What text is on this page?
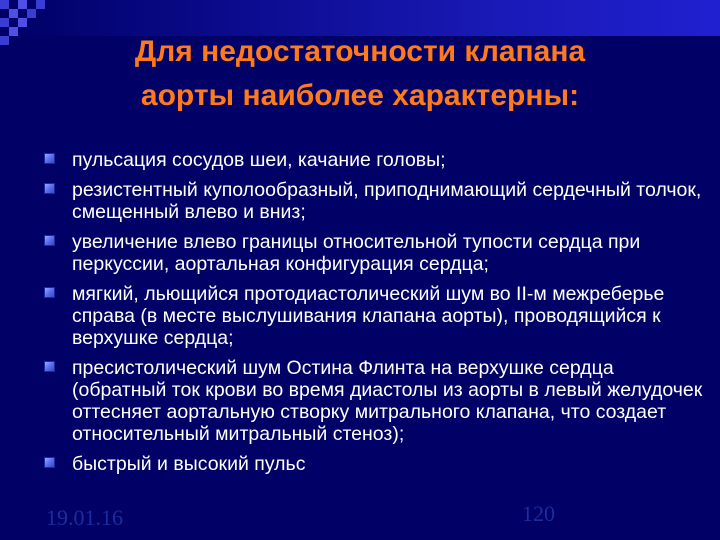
Для недостаточности клапана
аорты наиболее характерны:
пульсация сосудов шеи, качание головы;
резистентный куполообразный, приподнимающий сердечный толчок, смещенный влево и вниз;
увеличение влево границы относительной тупости сердца при перкуссии, аортальная конфигурация сердца;
мягкий, льющийся протодиастолический шум во II-м межреберье справа (в месте выслушивания клапана аорты), проводящийся к верхушке сердца;
пресистолический шум Остина Флинта на верхушке сердца (обратный ток крови во время диастолы из аорты в левый желудочек оттесняет аортальную створку митрального клапана, что создает относительный митральный стеноз);
быстрый и высокий пульс
19.01.16	120
